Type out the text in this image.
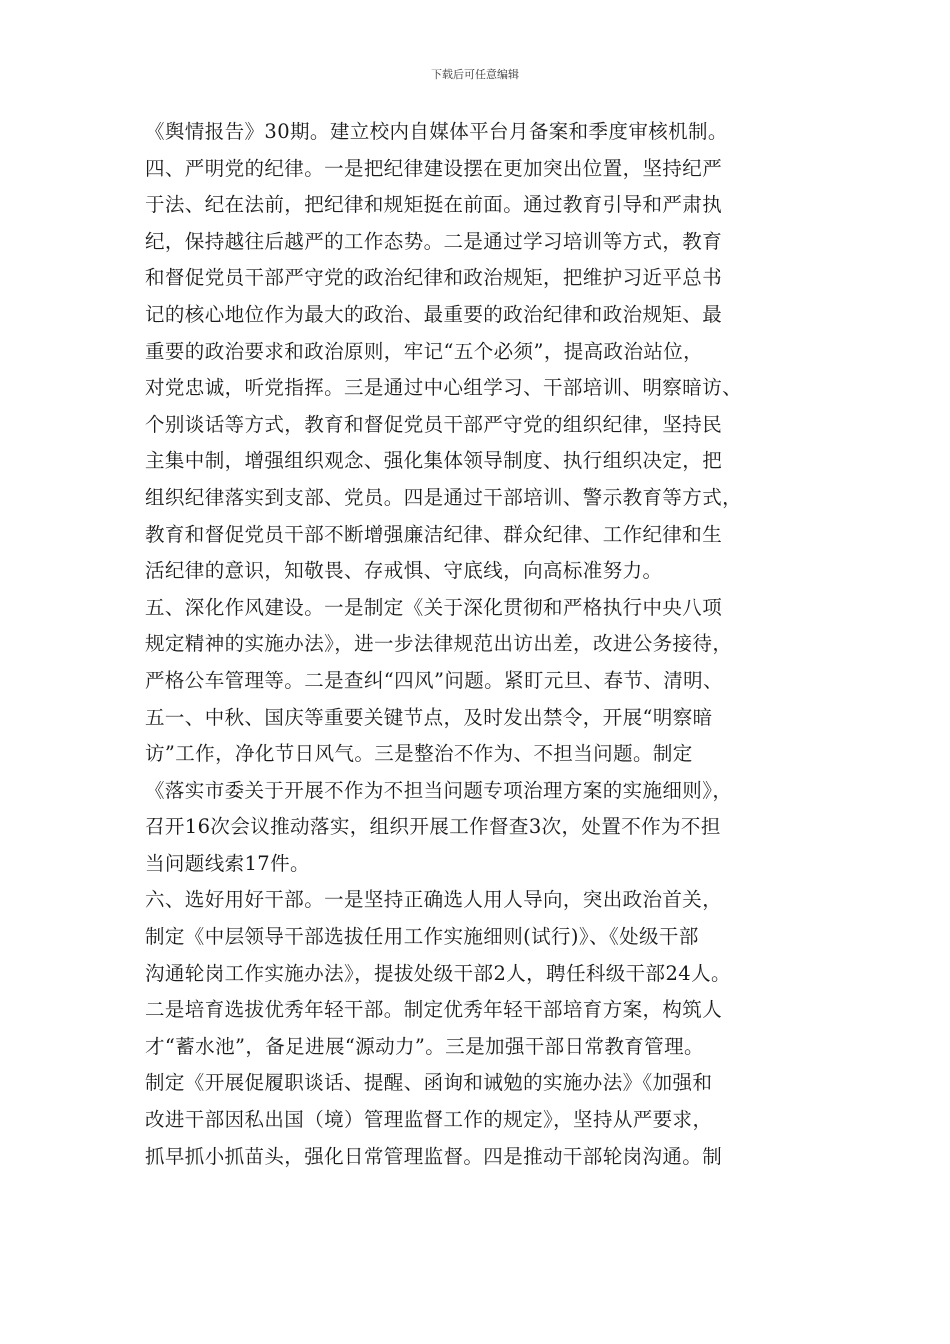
下载后可任意编辑
《舆情报告》30期。建立校内自媒体平台月备案和季度审核机制。
四、严明党的纪律。一是把纪律建设摆在更加突出位置，坚持纪严
于法、纪在法前，把纪律和规矩挺在前面。通过教育引导和严肃执
纪，保持越往后越严的工作态势。二是通过学习培训等方式，教育
和督促党员干部严守党的政治纪律和政治规矩，把维护习近平总书
记的核心地位作为最大的政治、最重要的政治纪律和政治规矩、最
重要的政治要求和政治原则，牢记“五个必须”，提高政治站位，
对党忠诚，听党指挥。三是通过中心组学习、干部培训、明察暗访、
个别谈话等方式，教育和督促党员干部严守党的组织纪律，坚持民
主集中制，增强组织观念、强化集体领导制度、执行组织决定，把
组织纪律落实到支部、党员。四是通过干部培训、警示教育等方式，
教育和督促党员干部不断增强廉洁纪律、群众纪律、工作纪律和生
活纪律的意识，知敬畏、存戒惧、守底线，向高标准努力。
五、深化作风建设。一是制定《关于深化贯彻和严格执行中央八项
规定精神的实施办法》，进一步法律规范出访出差，改进公务接待，
严格公车管理等。二是查纠“四风”问题。紧盯元旦、春节、清明、
五一、中秋、国庆等重要关键节点，及时发出禁令，开展“明察暗
访”工作，净化节日风气。三是整治不作为、不担当问题。制定
《落实市委关于开展不作为不担当问题专项治理方案的实施细则》，
召开16次会议推动落实，组织开展工作督查3次，处置不作为不担
当问题线索17件。
六、选好用好干部。一是坚持正确选人用人导向，突出政治首关，
制定《中层领导干部选拔任用工作实施细则(试行)》、《处级干部
沟通轮岗工作实施办法》，提拔处级干部2人，聘任科级干部24人。
二是培育选拔优秀年轻干部。制定优秀年轻干部培育方案，构筑人
才“蓄水池”，备足进展“源动力”。三是加强干部日常教育管理。
制定《开展促履职谈话、提醒、函询和诫勉的实施办法》《加强和
改进干部因私出国（境）管理监督工作的规定》，坚持从严要求，
抓早抓小抓苗头，强化日常管理监督。四是推动干部轮岗沟通。制
